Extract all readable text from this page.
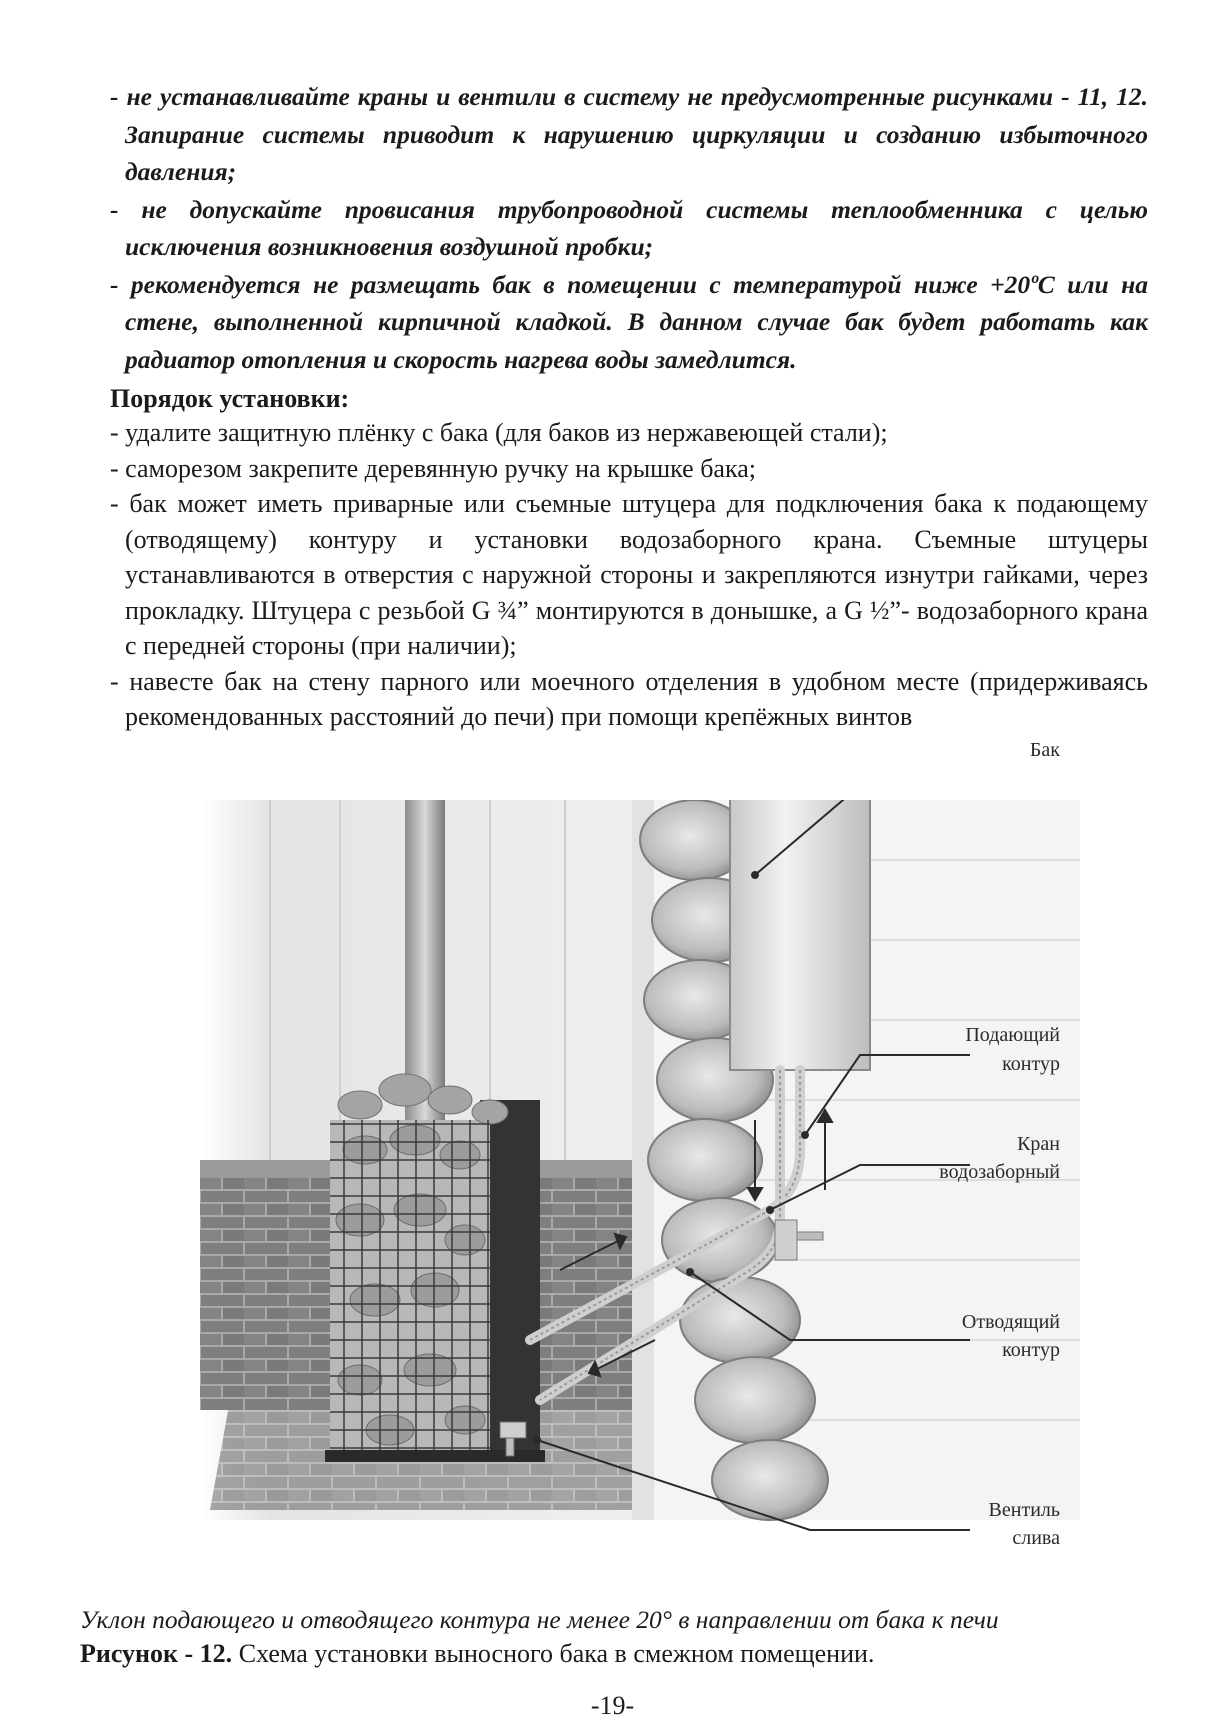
- не устанавливайте краны и вентили в систему не предусмотренные рисунками - 11, 12. Запирание системы приводит к нарушению циркуляции и созданию избыточного давления;

- не допускайте провисания трубопроводной системы теплообменника с целью исключения возникновения воздушной пробки;

- рекомендуется не размещать бак в помещении с температурой ниже +20ºС или на стене, выполненной кирпичной кладкой. В данном случае бак будет работать как радиатор отопления и скорость нагрева воды замедлится.

Порядок установки:

- удалите защитную плёнку с бака (для баков из нержавеющей стали);

- саморезом закрепите деревянную ручку на крышке бака;

- бак может иметь приварные или съемные штуцера для подключения бака к подающему (отводящему) контуру и установки водозаборного крана. Съемные штуцеры устанавливаются в отверстия с наружной стороны и закрепляются изнутри гайками, через прокладку. Штуцера с резьбой G ¾” монтируются в донышке, а G ½”- водозаборного крана с передней стороны (при наличии);

- навесте бак на стену парного или моечного отделения в удобном месте (придерживаясь рекомендованных расстояний до печи) при помощи крепёжных винтов

Бак
Подающий
контур
Кран
водозаборный
Отводящий
контур
Вентиль
слива

Уклон подающего и отводящего контура не менее 20° в направлении от бака к печи

Рисунок - 12. Схема установки выносного бака в смежном помещении.

-19-
